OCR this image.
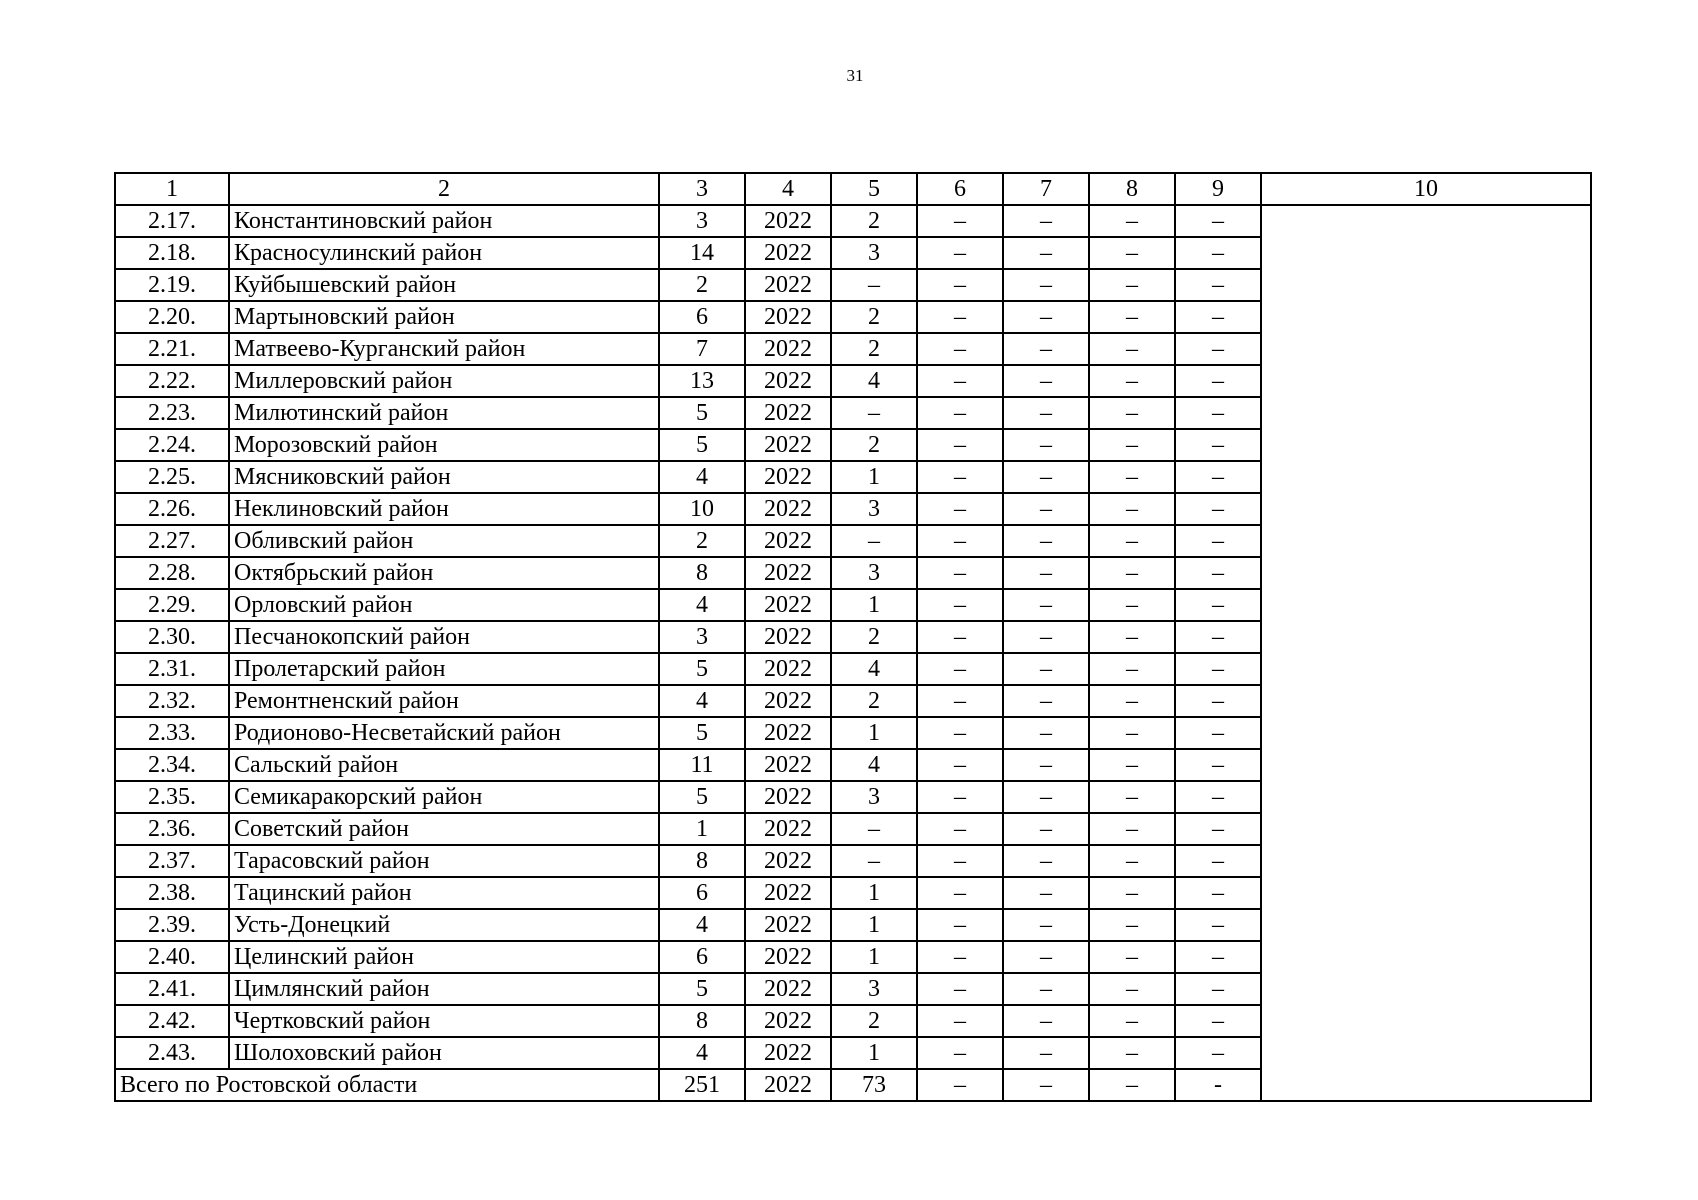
31
1	2	3	4	5	6	7	8	9	10
2.17.	Константиновский район	3	2022	2	–	–	–	–	
2.18.	Красносулинский район	14	2022	3	–	–	–	–	
2.19.	Куйбышевский район	2	2022	–	–	–	–	–	
2.20.	Мартыновский район	6	2022	2	–	–	–	–	
2.21.	Матвеево-Курганский район	7	2022	2	–	–	–	–	
2.22.	Миллеровский район	13	2022	4	–	–	–	–	
2.23.	Милютинский район	5	2022	–	–	–	–	–	
2.24.	Морозовский район	5	2022	2	–	–	–	–	
2.25.	Мясниковский район	4	2022	1	–	–	–	–	
2.26.	Неклиновский район	10	2022	3	–	–	–	–	
2.27.	Обливский район	2	2022	–	–	–	–	–	
2.28.	Октябрьский район	8	2022	3	–	–	–	–	
2.29.	Орловский район	4	2022	1	–	–	–	–	
2.30.	Песчанокопский район	3	2022	2	–	–	–	–	
2.31.	Пролетарский район	5	2022	4	–	–	–	–	
2.32.	Ремонтненский район	4	2022	2	–	–	–	–	
2.33.	Родионово-Несветайский район	5	2022	1	–	–	–	–	
2.34.	Сальский район	11	2022	4	–	–	–	–	
2.35.	Семикаракорский район	5	2022	3	–	–	–	–	
2.36.	Советский район	1	2022	–	–	–	–	–	
2.37.	Тарасовский район	8	2022	–	–	–	–	–	
2.38.	Тацинский район	6	2022	1	–	–	–	–	
2.39.	Усть-Донецкий	4	2022	1	–	–	–	–	
2.40.	Целинский район	6	2022	1	–	–	–	–	
2.41.	Цимлянский район	5	2022	3	–	–	–	–	
2.42.	Чертковский район	8	2022	2	–	–	–	–	
2.43.	Шолоховский район	4	2022	1	–	–	–	–	
Всего по Ростовской области		251	2022	73	–	–	–	-	
